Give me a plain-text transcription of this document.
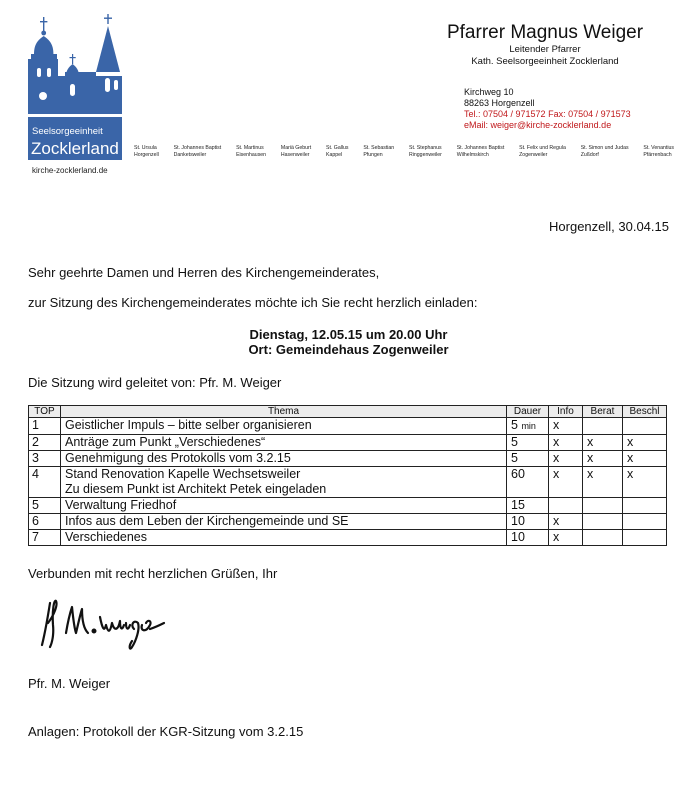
Seelsorgeeinheit
Zocklerland
kirche-zocklerland.de
Pfarrer Magnus Weiger
Leitender Pfarrer
Kath. Seelsorgeeinheit Zocklerland
Kirchweg 10
88263 Horgenzell
Tel.: 07504 / 971572 Fax: 07504 / 971573
eMail: weiger@kirche-zocklerland.de
St. Ursula
Horgenzell
St. Johannes Baptist
Danketsweiler
St. Martinus
Eisenhausen
Mariä Geburt
Hasenweiler
St. Gallus
Kappel
St. Sebastian
Pfungen
St. Stephanus
Ringgenweiler
St. Johannes Baptist
Wilhelmskirch
St. Felix und Regula
Zogenweiler
St. Simon und Judas
Zußdorf
St. Venantius
Pfärrenbach
Horgenzell, 30.04.15
Sehr geehrte Damen und Herren des Kirchengemeinderates,
zur Sitzung des Kirchengemeinderates möchte ich Sie recht herzlich einladen:
Dienstag, 12.05.15 um 20.00 Uhr
Ort: Gemeindehaus Zogenweiler
Die Sitzung wird geleitet von: Pfr. M. Weiger
TOP	Thema	Dauer	Info	Berat	Beschl
1	Geistlicher Impuls – bitte selber organisieren	5 min	x		
2	Anträge zum Punkt „Verschiedenes“	5	x	x	x
3	Genehmigung des Protokolls vom 3.2.15	5	x	x	x
4	Stand Renovation Kapelle Wechsetsweiler
Zu diesem Punkt ist Architekt Petek eingeladen	60	x	x	x
5	Verwaltung Friedhof	15			
6	Infos aus dem Leben der Kirchengemeinde und SE	10	x		
7	Verschiedenes	10	x		
Verbunden mit recht herzlichen Grüßen, Ihr
Pfr. M. Weiger
Anlagen: Protokoll der KGR-Sitzung vom 3.2.15
